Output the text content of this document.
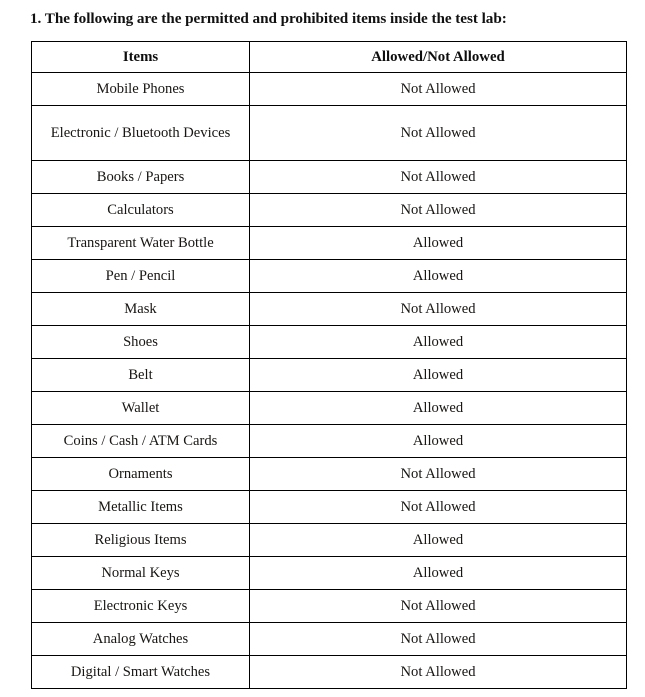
1. The following are the permitted and prohibited items inside the test lab:
Items	Allowed/Not Allowed
Mobile Phones	Not Allowed
Electronic / Bluetooth Devices	Not Allowed
Books / Papers	Not Allowed
Calculators	Not Allowed
Transparent Water Bottle	Allowed
Pen / Pencil	Allowed
Mask	Not Allowed
Shoes	Allowed
Belt	Allowed
Wallet	Allowed
Coins / Cash / ATM Cards	Allowed
Ornaments	Not Allowed
Metallic Items	Not Allowed
Religious Items	Allowed
Normal Keys	Allowed
Electronic Keys	Not Allowed
Analog Watches	Not Allowed
Digital / Smart Watches	Not Allowed
